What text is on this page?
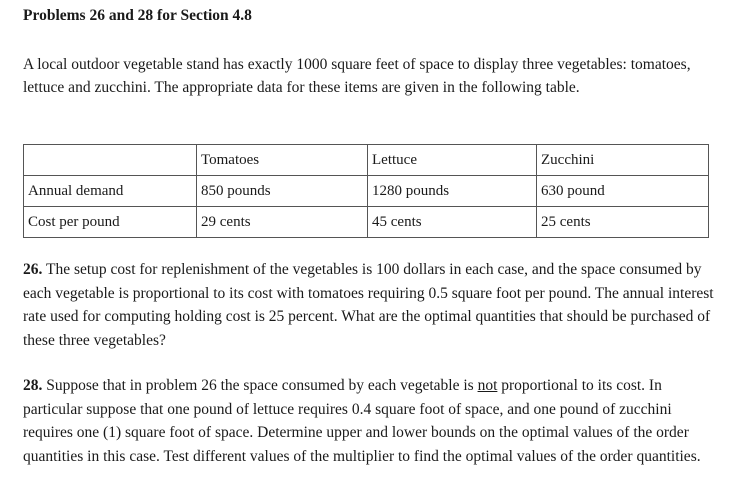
Problems 26 and 28 for Section 4.8
A local outdoor vegetable stand has exactly 1000 square feet of space to display three vegetables: tomatoes, lettuce and zucchini. The appropriate data for these items are given in the following table.
	Tomatoes	Lettuce	Zucchini
Annual demand	850 pounds	1280 pounds	630 pound
Cost per pound	29 cents	45 cents	25 cents
26. The setup cost for replenishment of the vegetables is 100 dollars in each case, and the space consumed by each vegetable is proportional to its cost with tomatoes requiring 0.5 square foot per pound. The annual interest rate used for computing holding cost is 25 percent. What are the optimal quantities that should be purchased of these three vegetables?
28. Suppose that in problem 26 the space consumed by each vegetable is not proportional to its cost. In particular suppose that one pound of lettuce requires 0.4 square foot of space, and one pound of zucchini requires one (1) square foot of space. Determine upper and lower bounds on the optimal values of the order quantities in this case. Test different values of the multiplier to find the optimal values of the order quantities.
